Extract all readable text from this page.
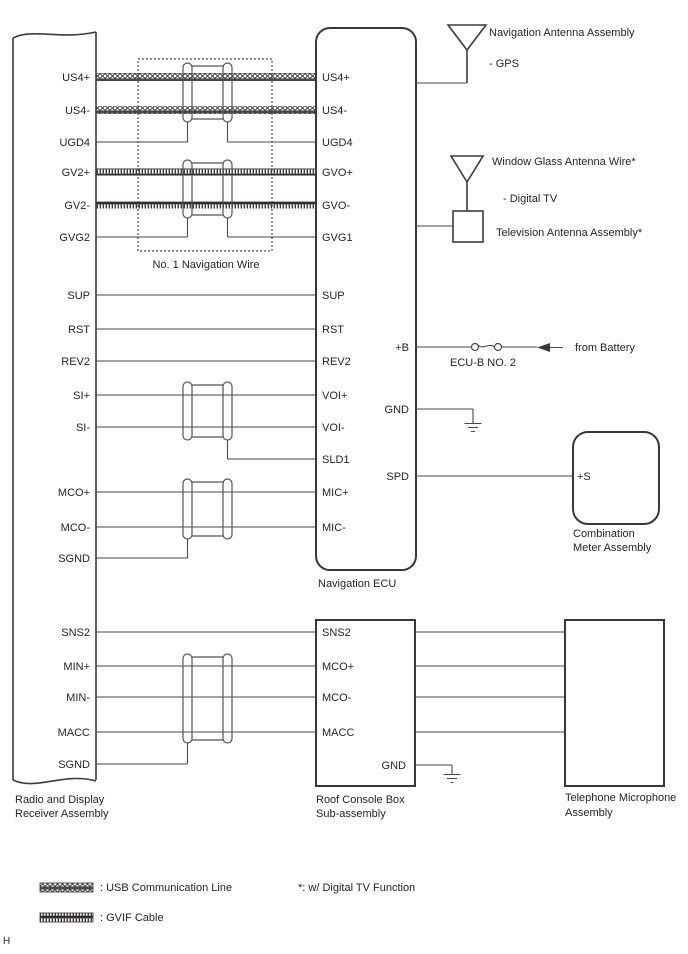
No. 1 Navigation Wire
Radio and Display
Receiver Assembly
US4+
US4-
UGD4
GV2+
GV2-
GVG2
SUP
RST
REV2
SI+
SI-
MCO+
MCO-
SGND
SNS2
MIN+
MIN-
MACC
SGND
Navigation ECU
US4+
US4-
UGD4
GVO+
GVO-
GVG1
SUP
RST
REV2
VOI+
VOI-
SLD1
MIC+
MIC-
+B
GND
SPD
Navigation Antenna Assembly
- GPS
Window Glass Antenna Wire*
- Digital TV
Television Antenna Assembly*
ECU-B NO. 2
from Battery
+S
Combination
Meter Assembly
Roof Console Box
Sub-assembly
SNS2
MCO+
MCO-
MACC
GND
Telephone Microphone
Assembly
: USB Communication Line	*: w/ Digital TV Function
: GVIF Cable
H
